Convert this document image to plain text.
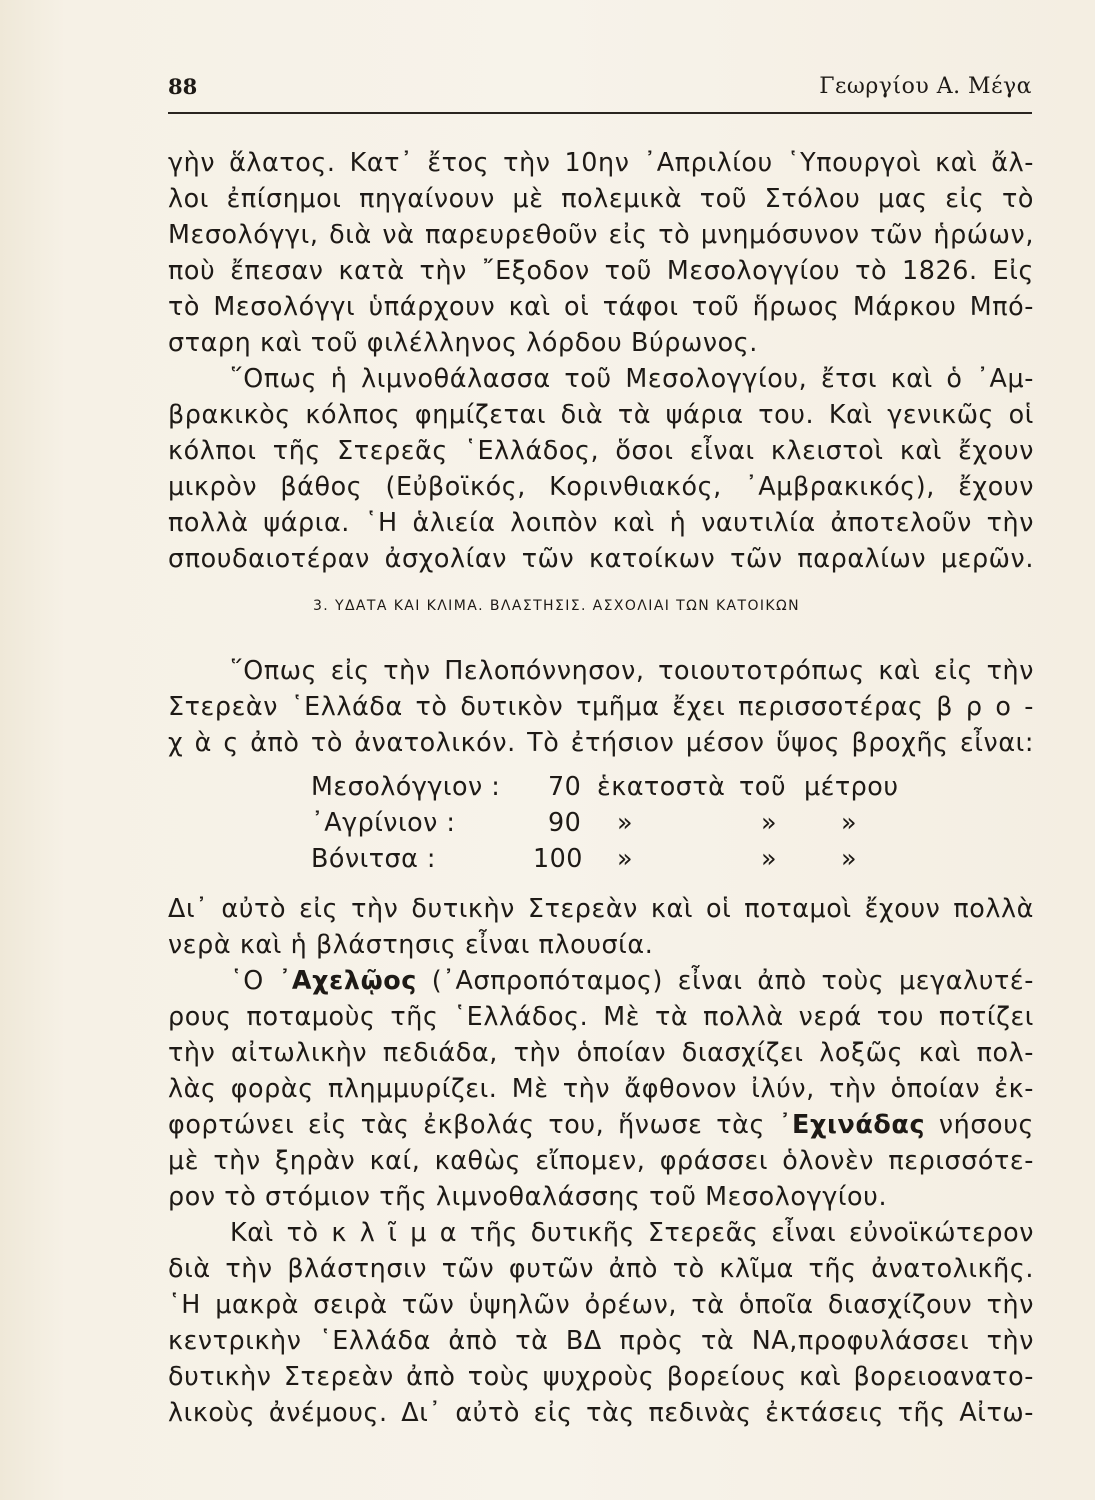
88	Γεωργίου Α. Μέγα
γὴν ἅλατος. Κατ᾽ ἔτος τὴν 10ην ᾽Απριλίου ῾Υπουργοὶ καὶ ἄλ-
λοι ἐπίσημοι πηγαίνουν μὲ πολεμικὰ τοῦ Στόλου μας εἰς τὸ
Μεσολόγγι, διὰ νὰ παρευρεθοῦν εἰς τὸ μνημόσυνον τῶν ἡρώων,
ποὺ ἔπεσαν κατὰ τὴν ῎Εξοδον τοῦ Μεσολογγίου τὸ 1826. Εἰς
τὸ Μεσολόγγι ὑπάρχουν καὶ οἱ τάφοι τοῦ ἥρωος Μάρκου Μπό-
σταρη καὶ τοῦ φιλέλληνος λόρδου Βύρωνος.
῞Οπως ἡ λιμνοθάλασσα τοῦ Μεσολογγίου, ἔτσι καὶ ὁ ᾽Αμ-
βρακικὸς κόλπος φημίζεται διὰ τὰ ψάρια του. Καὶ γενικῶς οἱ
κόλποι τῆς Στερεᾶς ῾Ελλάδος, ὅσοι εἶναι κλειστοὶ καὶ ἔχουν
μικρὸν βάθος (Εὐβοϊκός, Κορινθιακός, ᾽Αμβρακικός), ἔχουν
πολλὰ ψάρια. ῾Η ἁλιεία λοιπὸν καὶ ἡ ναυτιλία ἀποτελοῦν τὴν
σπουδαιοτέραν ἀσχολίαν τῶν κατοίκων τῶν παραλίων μερῶν.
3. ΥΔΑΤΑ ΚΑΙ ΚΛΙΜΑ. ΒΛΑΣΤΗΣΙΣ. ΑΣΧΟΛΙΑΙ ΤΩΝ ΚΑΤΟΙΚΩΝ
῞Οπως εἰς τὴν Πελοπόννησον, τοιουτοτρόπως καὶ εἰς τὴν
Στερεὰν ῾Ελλάδα τὸ δυτικὸν τμῆμα ἔχει περισσοτέρας β ρ ο -
χ ὰ ς ἀπὸ τὸ ἀνατολικόν. Τὸ ἐτήσιον μέσον ὕψος βροχῆς εἶναι:
Μεσολόγγιον : 70 ἑκατοστὰ τοῦ μέτρου
᾽Αγρίνιον :	90 »	»	»
Βόνιτσα :	100 »	»	»
Δι᾽ αὐτὸ εἰς τὴν δυτικὴν Στερεὰν καὶ οἱ ποταμοὶ ἔχουν πολλὰ
νερὰ καὶ ἡ βλάστησις εἶναι πλουσία.
῾Ο ᾽Αχελῷος (᾽Ασπροπόταμος) εἶναι ἀπὸ τοὺς μεγαλυτέ-
ρους ποταμοὺς τῆς ῾Ελλάδος. Μὲ τὰ πολλὰ νερά του ποτίζει
τὴν αἰτωλικὴν πεδιάδα, τὴν ὁποίαν διασχίζει λοξῶς καὶ πολ-
λὰς φορὰς πλημμυρίζει. Μὲ τὴν ἄφθονον ἰλύν, τὴν ὁποίαν ἐκ-
φορτώνει εἰς τὰς ἐκβολάς του, ἥνωσε τὰς ᾽Εχινάδας νήσους
μὲ τὴν ξηρὰν καί, καθὼς εἴπομεν, φράσσει ὁλονὲν περισσότε-
ρον τὸ στόμιον τῆς λιμνοθαλάσσης τοῦ Μεσολογγίου.
Καὶ τὸ κ λ ῖ μ α τῆς δυτικῆς Στερεᾶς εἶναι εὐνοϊκώτερον
διὰ τὴν βλάστησιν τῶν φυτῶν ἀπὸ τὸ κλῖμα τῆς ἀνατολικῆς.
῾Η μακρὰ σειρὰ τῶν ὑψηλῶν ὀρέων, τὰ ὁποῖα διασχίζουν τὴν
κεντρικὴν ῾Ελλάδα ἀπὸ τὰ ΒΔ πρὸς τὰ ΝΑ,προφυλάσσει τὴν
δυτικὴν Στερεὰν ἀπὸ τοὺς ψυχροὺς βορείους καὶ βορειοανατο-
λικοὺς ἀνέμους. Δι᾽ αὐτὸ εἰς τὰς πεδινὰς ἐκτάσεις τῆς Αἰτω-
